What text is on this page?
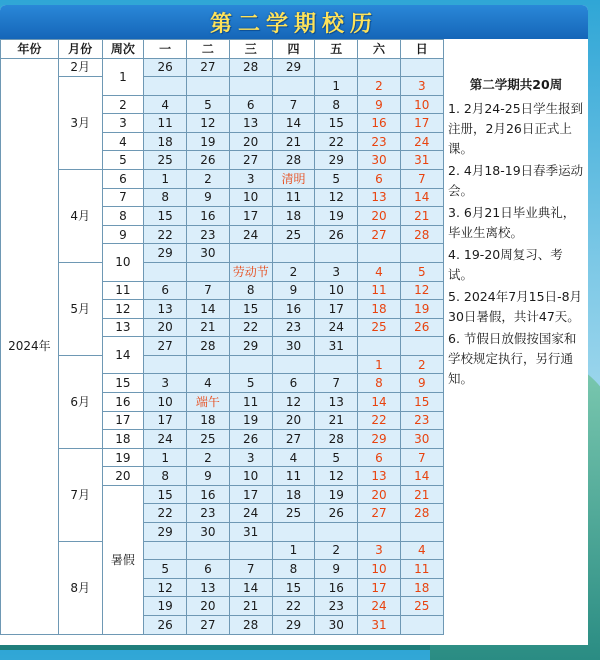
第二学期校历
年份	月份	周次	一	二	三	四	五	六	日	
2024年	2月	1	26	27	28	29				
	3月						1	2	3	
		2	4	5	6	7	8	9	10	
		3	11	12	13	14	15	16	17	
		4	18	19	20	21	22	23	24	
		5	25	26	27	28	29	30	31	
	4月	6	1	2	3	清明	5	6	7	
		7	8	9	10	11	12	13	14	
		8	15	16	17	18	19	20	21	
		9	22	23	24	25	26	27	28	
		10	29	30						
	5月				劳动节	2	3	4	5	
		11	6	7	8	9	10	11	12	
		12	13	14	15	16	17	18	19	
		13	20	21	22	23	24	25	26	
		14	27	28	29	30	31			
	6月							1	2	
		15	3	4	5	6	7	8	9	
		16	10	端午	11	12	13	14	15	
		17	17	18	19	20	21	22	23	
		18	24	25	26	27	28	29	30	
	7月	19	1	2	3	4	5	6	7	
		20	8	9	10	11	12	13	14	
		暑假	15	16	17	18	19	20	21	
			22	23	24	25	26	27	28	
			29	30	31					
	8月					1	2	3	4	
			5	6	7	8	9	10	11	
			12	13	14	15	16	17	18	
			19	20	21	22	23	24	25	
			26	27	28	29	30	31		
第二学期共20周
1. 2月24-25日学生报到注册，2月26日正式上课。
2. 4月18-19日春季运动会。
3. 6月21日毕业典礼，毕业生离校。
4. 19-20周复习、考试。
5. 2024年7月15日-8月30日暑假，共计47天。
6. 节假日放假按国家和学校规定执行，另行通知。
